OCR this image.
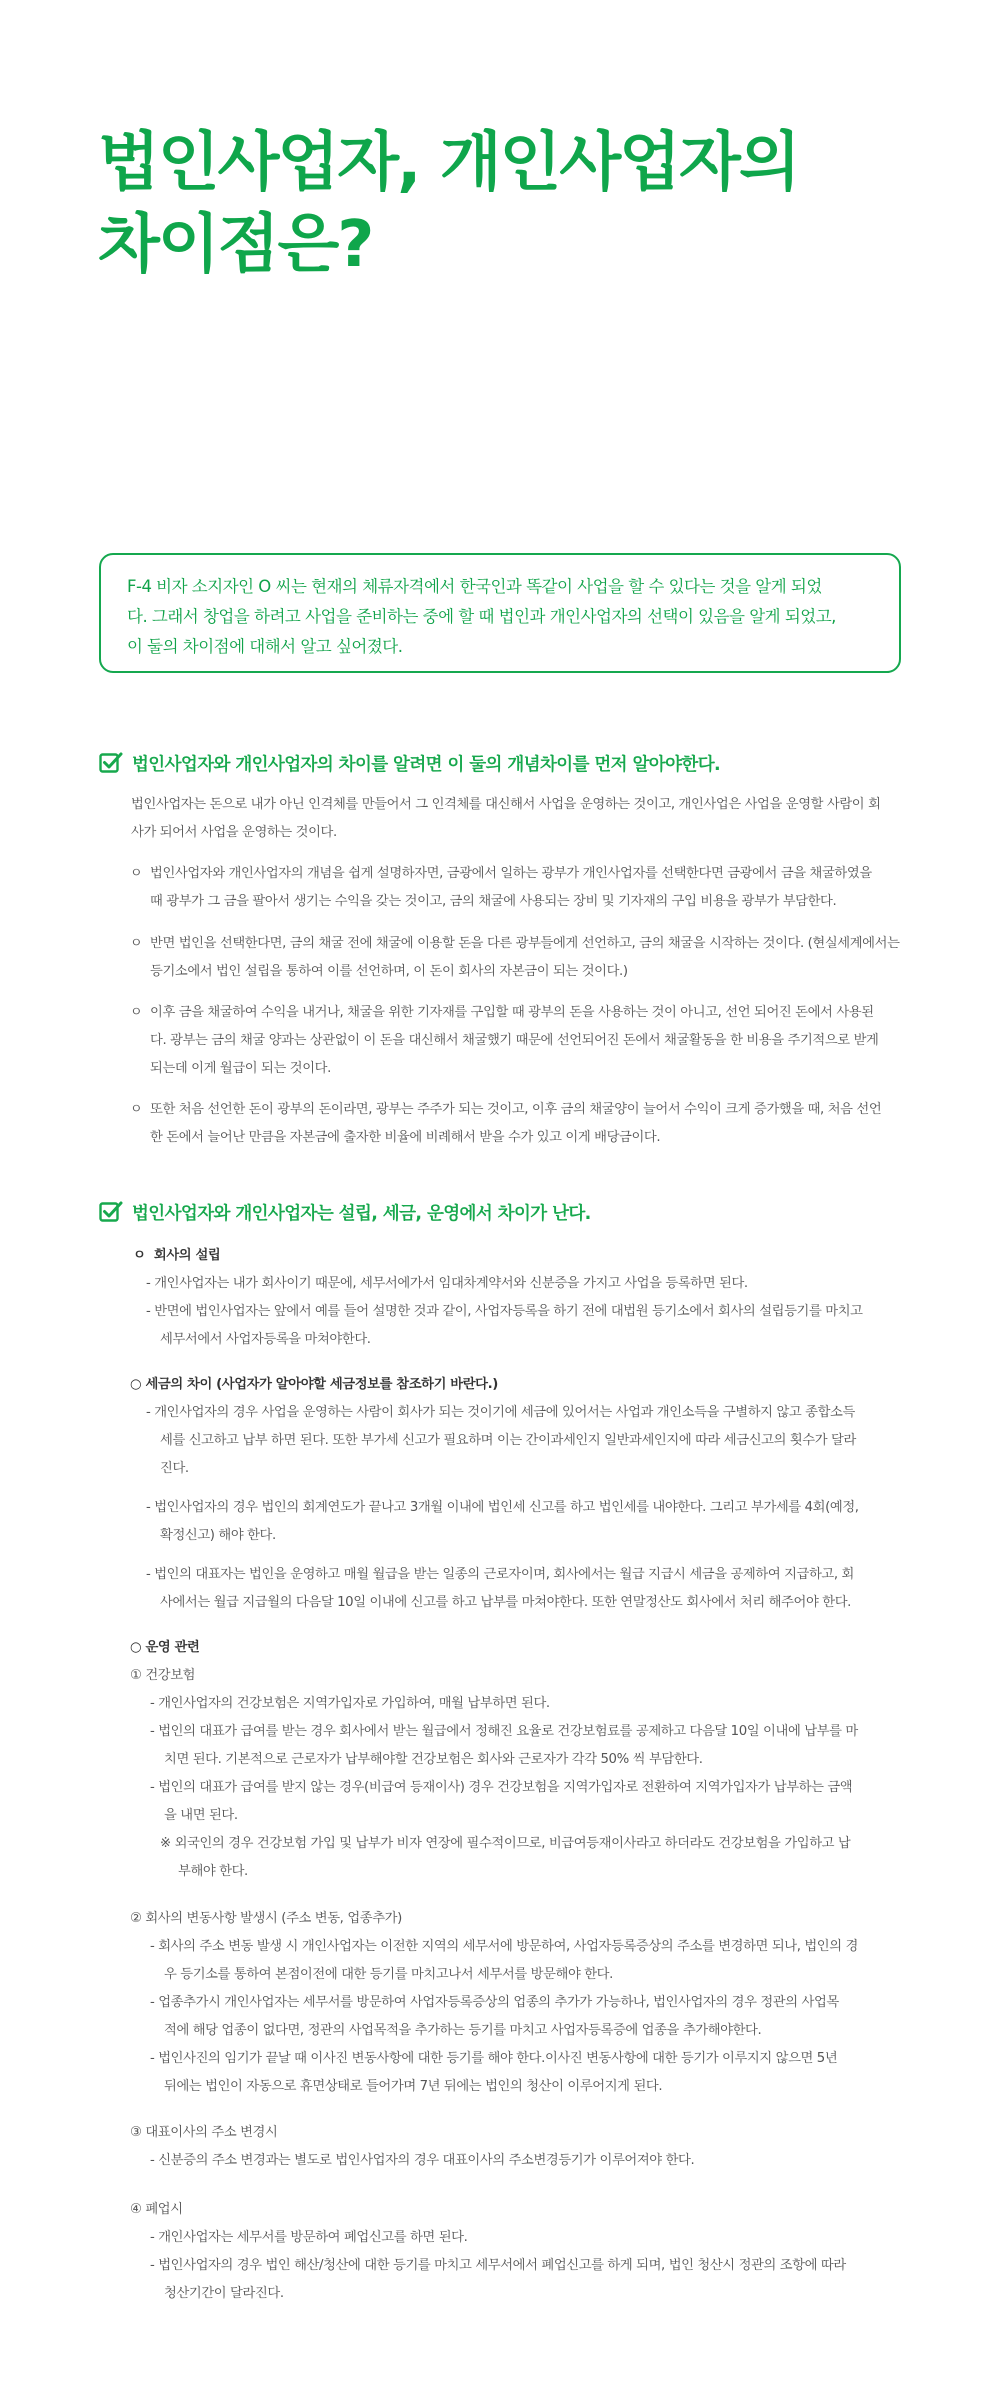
법인사업자, 개인사업자의
차이점은?

F-4 비자 소지자인 O 씨는 현재의 체류자격에서 한국인과 똑같이 사업을 할 수 있다는 것을 알게 되었

다. 그래서 창업을 하려고 사업을 준비하는 중에 할 때 법인과 개인사업자의 선택이 있음을 알게 되었고,

이 둘의 차이점에 대해서 알고 싶어졌다.

법인사업자와 개인사업자의 차이를 알려면 이 둘의 개념차이를 먼저 알아야한다.

법인사업자는 돈으로 내가 아닌 인격체를 만들어서 그 인격체를 대신해서 사업을 운영하는 것이고, 개인사업은 사업을 운영할 사람이 회

사가 되어서 사업을 운영하는 것이다.

ㅇ 법인사업자와 개인사업자의 개념을 쉽게 설명하자면, 금광에서 일하는 광부가 개인사업자를 선택한다면 금광에서 금을 채굴하였을

때 광부가 그 금을 팔아서 생기는 수익을 갖는 것이고, 금의 채굴에 사용되는 장비 및 기자재의 구입 비용을 광부가 부담한다.

ㅇ 반면 법인을 선택한다면, 금의 채굴 전에 채굴에 이용할 돈을 다른 광부들에게 선언하고, 금의 채굴을 시작하는 것이다. (현실세계에서는

등기소에서 법인 설립을 통하여 이를 선언하며, 이 돈이 회사의 자본금이 되는 것이다.)

ㅇ 이후 금을 채굴하여 수익을 내거나, 채굴을 위한 기자재를 구입할 때 광부의 돈을 사용하는 것이 아니고, 선언 되어진 돈에서 사용된

다. 광부는 금의 채굴 양과는 상관없이 이 돈을 대신해서 채굴했기 때문에 선언되어진 돈에서 채굴활동을 한 비용을 주기적으로 받게

되는데 이게 월급이 되는 것이다.

ㅇ 또한 처음 선언한 돈이 광부의 돈이라면, 광부는 주주가 되는 것이고, 이후 금의 채굴양이 늘어서 수익이 크게 증가했을 때, 처음 선언

한 돈에서 늘어난 만큼을 자본금에 출자한 비율에 비례해서 받을 수가 있고 이게 배당금이다.

법인사업자와 개인사업자는 설립, 세금, 운영에서 차이가 난다.
ㅇ 회사의 설립
- 개인사업자는 내가 회사이기 때문에, 세무서에가서 임대차계약서와 신분증을 가지고 사업을 등록하면 된다.
- 반면에 법인사업자는 앞에서 예를 들어 설명한 것과 같이, 사업자등록을 하기 전에 대법원 등기소에서 회사의 설립등기를 마치고
세무서에서 사업자등록을 마쳐야한다.
○ 세금의 차이 (사업자가 알아야할 세금정보를 참조하기 바란다.)
- 개인사업자의 경우 사업을 운영하는 사람이 회사가 되는 것이기에 세금에 있어서는 사업과 개인소득을 구별하지 않고 종합소득
세를 신고하고 납부 하면 된다. 또한 부가세 신고가 필요하며 이는 간이과세인지 일반과세인지에 따라 세금신고의 횟수가 달라
진다.
- 법인사업자의 경우 법인의 회계연도가 끝나고 3개월 이내에 법인세 신고를 하고 법인세를 내야한다. 그리고 부가세를 4회(예정,
확정신고) 해야 한다.
- 법인의 대표자는 법인을 운영하고 매월 월급을 받는 일종의 근로자이며, 회사에서는 월급 지급시 세금을 공제하여 지급하고, 회
사에서는 월급 지급월의 다음달 10일 이내에 신고를 하고 납부를 마쳐야한다. 또한 연말정산도 회사에서 처리 해주어야 한다.
○ 운영 관련
① 건강보험
- 개인사업자의 건강보험은 지역가입자로 가입하여, 매월 납부하면 된다.
- 법인의 대표가 급여를 받는 경우 회사에서 받는 월급에서 정해진 요율로 건강보험료를 공제하고 다음달 10일 이내에 납부를 마
치면 된다. 기본적으로 근로자가 납부해야할 건강보험은 회사와 근로자가 각각 50% 씩 부담한다.
- 법인의 대표가 급여를 받지 않는 경우(비급여 등재이사) 경우 건강보험을 지역가입자로 전환하여 지역가입자가 납부하는 금액
을 내면 된다.
※ 외국인의 경우 건강보험 가입 및 납부가 비자 연장에 필수적이므로, 비급여등재이사라고 하더라도 건강보험을 가입하고 납
부해야 한다.
② 회사의 변동사항 발생시 (주소 변동, 업종추가)
- 회사의 주소 변동 발생 시 개인사업자는 이전한 지역의 세무서에 방문하여, 사업자등록증상의 주소를 변경하면 되나, 법인의 경
우 등기소를 통하여 본점이전에 대한 등기를 마치고나서 세무서를 방문해야 한다.
- 업종추가시 개인사업자는 세무서를 방문하여 사업자등록증상의 업종의 추가가 가능하나, 법인사업자의 경우 정관의 사업목
적에 해당 업종이 없다면, 정관의 사업목적을 추가하는 등기를 마치고 사업자등록증에 업종을 추가해야한다.
- 법인사진의 임기가 끝날 때 이사진 변동사항에 대한 등기를 해야 한다.이사진 변동사항에 대한 등기가 이루지지 않으면 5년
뒤에는 법인이 자동으로 휴면상태로 들어가며 7년 뒤에는 법인의 청산이 이루어지게 된다.
③ 대표이사의 주소 변경시
- 신분증의 주소 변경과는 별도로 법인사업자의 경우 대표이사의 주소변경등기가 이루어져야 한다.
④ 폐업시
- 개인사업자는 세무서를 방문하여 폐업신고를 하면 된다.
- 법인사업자의 경우 법인 해산/청산에 대한 등기를 마치고 세무서에서 폐업신고를 하게 되며, 법인 청산시 정관의 조항에 따라
청산기간이 달라진다.
